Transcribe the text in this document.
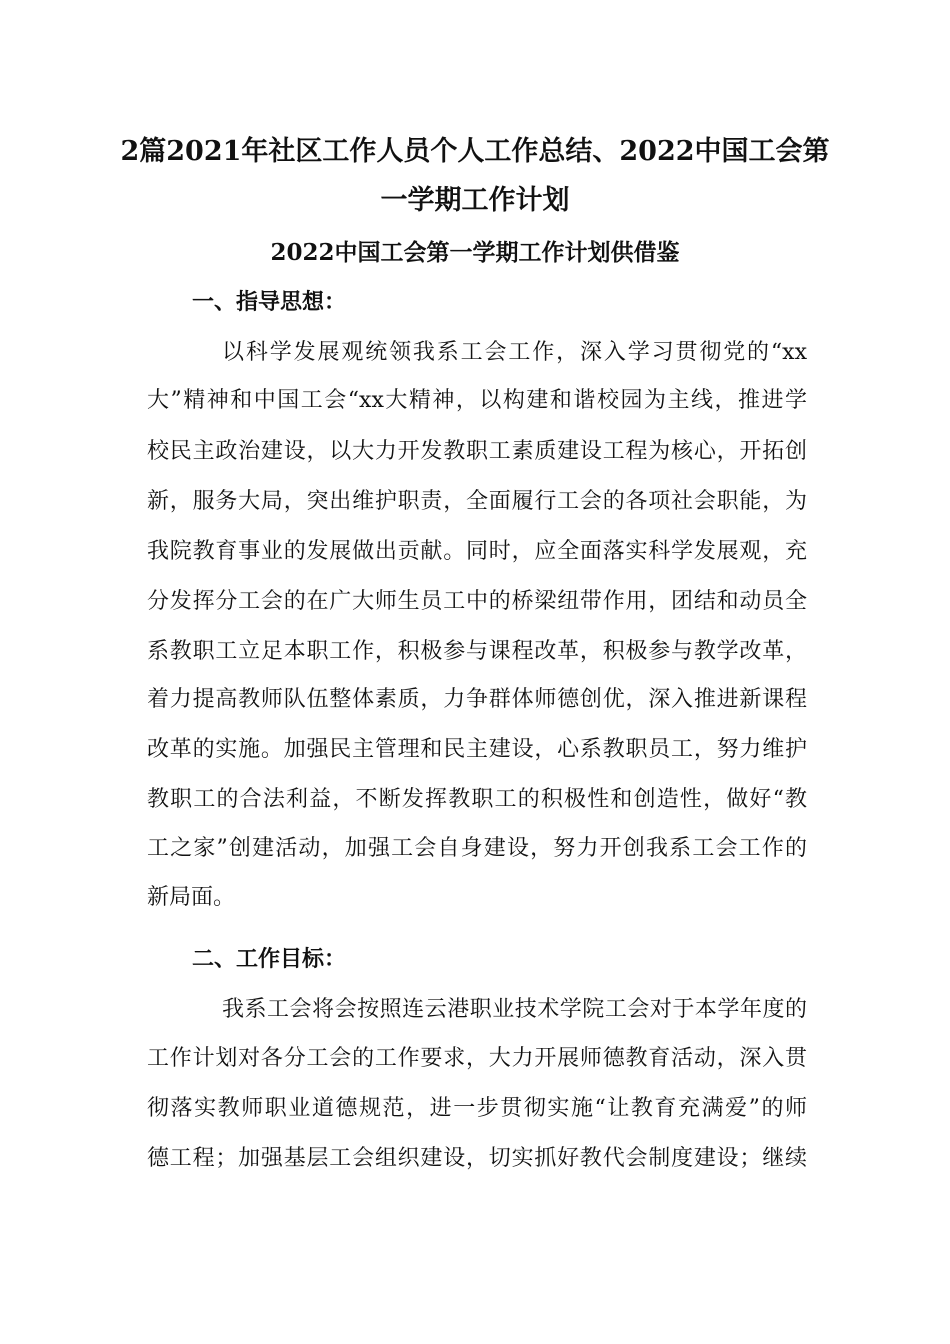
2篇2021年社区工作人员个人工作总结、2022中国工会第
一学期工作计划
2022中国工会第一学期工作计划供借鉴
一、指导思想：
以科学发展观统领我系工会工作，深入学习贯彻党的“xx
大”精神和中国工会“xx大精神，以构建和谐校园为主线，推进学
校民主政治建设，以大力开发教职工素质建设工程为核心，开拓创
新，服务大局，突出维护职责，全面履行工会的各项社会职能，为
我院教育事业的发展做出贡献。同时，应全面落实科学发展观，充
分发挥分工会的在广大师生员工中的桥梁纽带作用，团结和动员全
系教职工立足本职工作，积极参与课程改革，积极参与教学改革，
着力提高教师队伍整体素质，力争群体师德创优，深入推进新课程
改革的实施。加强民主管理和民主建设，心系教职员工，努力维护
教职工的合法利益，不断发挥教职工的积极性和创造性，做好“教
工之家”创建活动，加强工会自身建设，努力开创我系工会工作的
新局面。
二、工作目标：
我系工会将会按照连云港职业技术学院工会对于本学年度的
工作计划对各分工会的工作要求，大力开展师德教育活动，深入贯
彻落实教师职业道德规范，进一步贯彻实施“让教育充满爱”的师
德工程；加强基层工会组织建设，切实抓好教代会制度建设；继续
